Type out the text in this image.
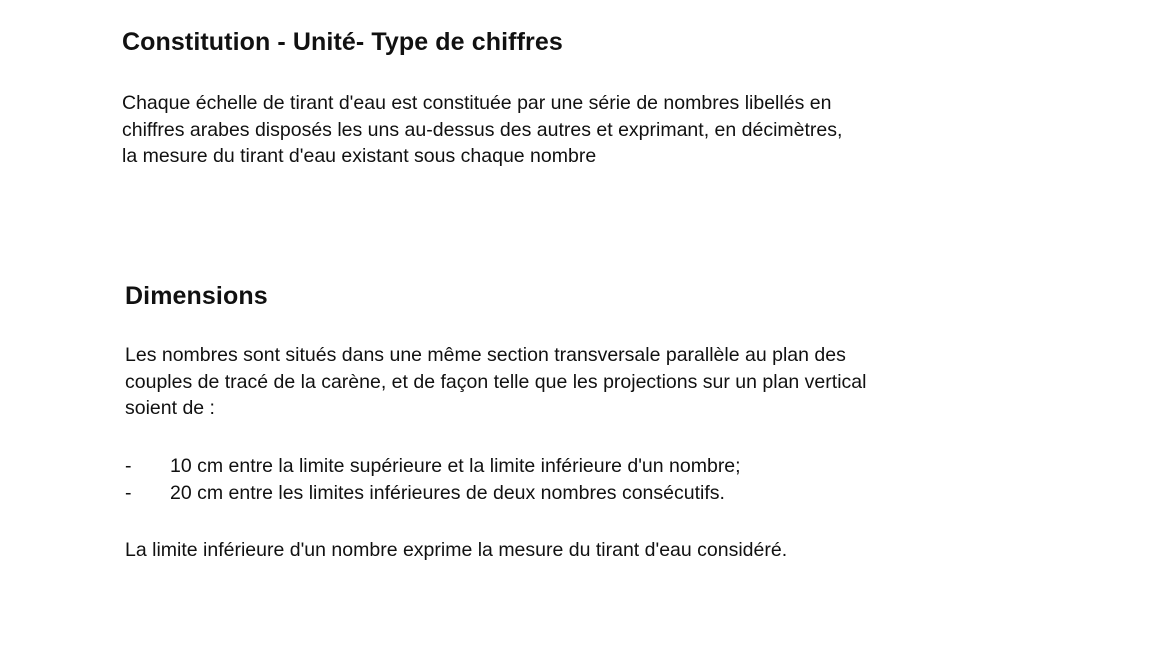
Constitution - Unité- Type de chiffres

Chaque échelle de tirant d'eau est constituée par une série de nombres libellés en
chiffres arabes disposés les uns au-dessus des autres et exprimant, en décimètres,
la mesure du tirant d'eau existant sous chaque nombre

Dimensions

Les nombres sont situés dans une même section transversale parallèle au plan des
couples de tracé de la carène, et de façon telle que les projections sur un plan vertical
soient de :

- 10 cm entre la limite supérieure et la limite inférieure d'un nombre;
- 20 cm entre les limites inférieures de deux nombres consécutifs.

La limite inférieure d'un nombre exprime la mesure du tirant d'eau considéré.
